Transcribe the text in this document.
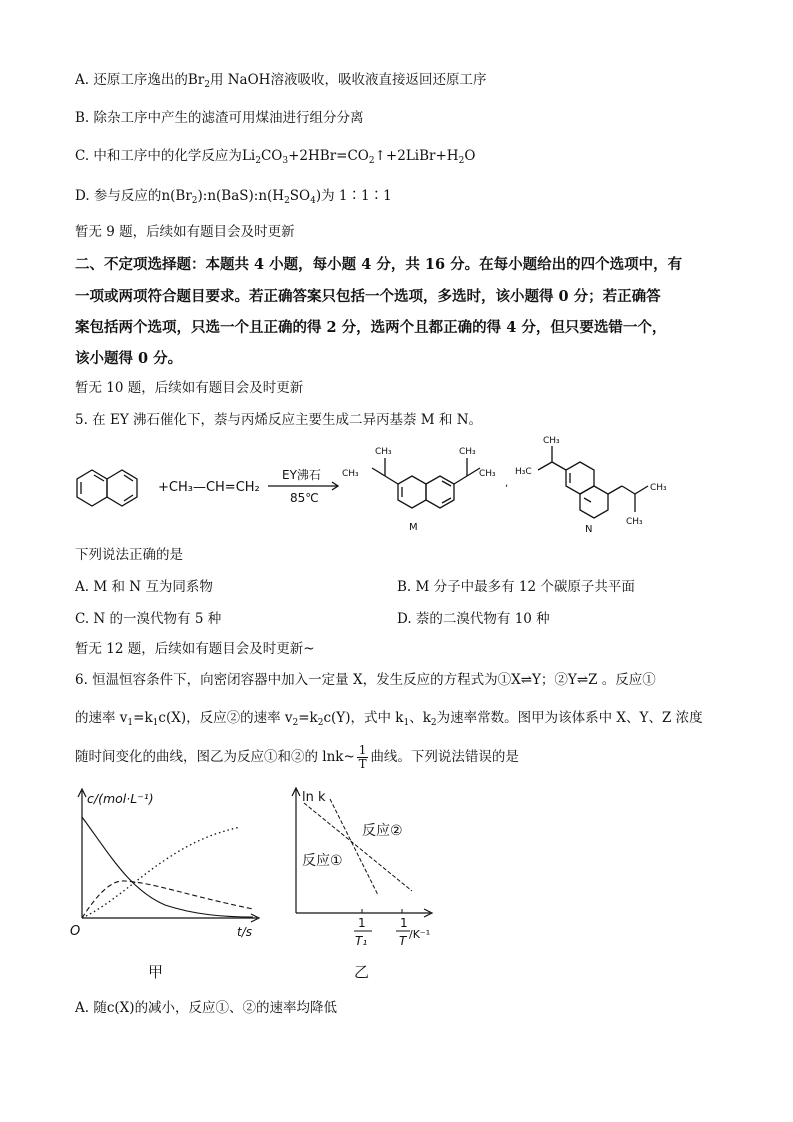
A. 还原工序逸出的$Br_2$用 NaOH溶液吸收，吸收液直接返回还原工序
B. 除杂工序中产生的滤渣可用煤油进行组分分离
C. 中和工序中的化学反应为$Li_2CO_3+2HBr=CO_2↑+2LiBr+H_2O$
D. 参与反应的$n(Br_2):n(BaS):n(H_2SO_4)$为 1∶1∶1
暂无 9 题，后续如有题目会及时更新
二、不定项选择题：本题共 4 小题，每小题 4 分，共 16 分。在每小题给出的四个选项中，有
一项或两项符合题目要求。若正确答案只包括一个选项，多选时，该小题得 0 分；若正确答
案包括两个选项，只选一个且正确的得 2 分，选两个且都正确的得 4 分，但只要选错一个，
该小题得 0 分。
暂无 10 题，后续如有题目会及时更新
5. 在 EY 沸石催化下，萘与丙烯反应主要生成二异丙基萘 M 和 N。
+CH₃—CH=CH₂
EY沸石
85℃
CH₃
CH₃
CH₃
CH₃
,
CH₃
H₃C
CH₃
CH₃
M	N
下列说法正确的是
A. M 和 N 互为同系物	B. M 分子中最多有 12 个碳原子共平面
C. N 的一溴代物有 5 种	D. 萘的二溴代物有 10 种
暂无 12 题，后续如有题目会及时更新~
6. 恒温恒容条件下，向密闭容器中加入一定量 X，发生反应的方程式为①X⇌Y；②Y⇌Z 。反应①
的速率 $v_1=k_1c(X)$，反应②的速率 $v_2=k_2c(Y)$，式中 $k_1$、$k_2$为速率常数。图甲为该体系中 X、Y、Z 浓度
随时间变化的曲线，图乙为反应①和②的 lnk~ $\frac{1}{T}$ 曲线。下列说法错误的是
c/(mol·L⁻¹)
O	t/s
甲
ln k
反应②
反应①
1
T₁
1
T /K⁻¹
乙
A. 随c(X)的减小，反应①、②的速率均降低
